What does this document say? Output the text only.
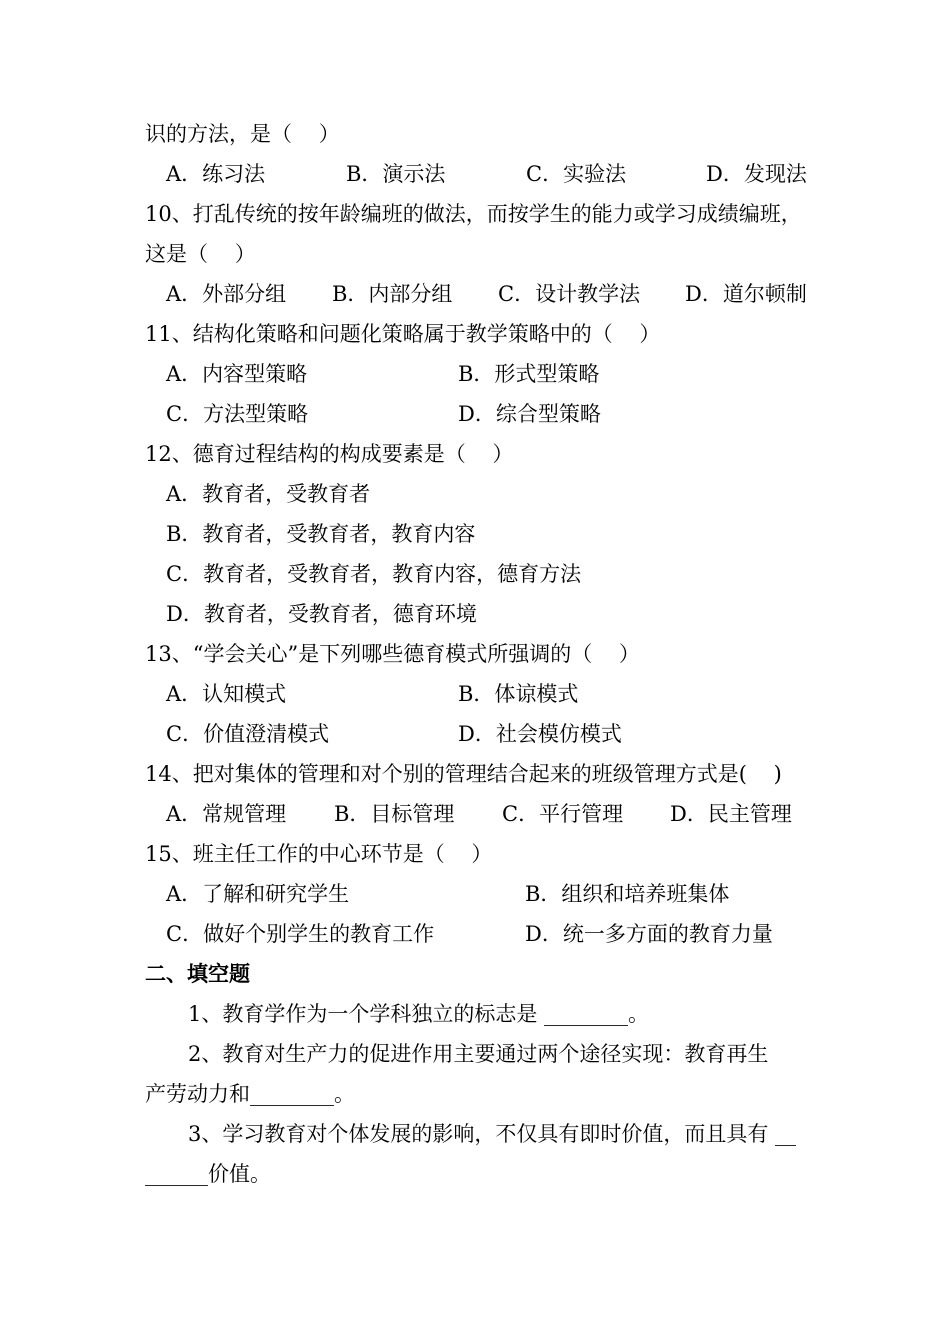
识的方法，是（    ）
A．练习法	B．演示法	C．实验法	D．发现法
10、打乱传统的按年龄编班的做法，而按学生的能力或学习成绩编班，
这是（    ）
A．外部分组 B．内部分组 C．设计教学法 D．道尔顿制
11、结构化策略和问题化策略属于教学策略中的（    ）
A．内容型策略	B．形式型策略
C．方法型策略	D．综合型策略
12、德育过程结构的构成要素是（    ）
A．教育者，受教育者
B．教育者，受教育者，教育内容
C．教育者，受教育者，教育内容，德育方法
D．教育者，受教育者，德育环境
13、“学会关心”是下列哪些德育模式所强调的（    ）
A．认知模式	B．体谅模式
C．价值澄清模式	D．社会模仿模式
14、把对集体的管理和对个别的管理结合起来的班级管理方式是(    )
A．常规管理 B．目标管理 C．平行管理 D．民主管理
15、班主任工作的中心环节是（    ）
A．了解和研究学生	B．组织和培养班集体
C．做好个别学生的教育工作	D．统一多方面的教育力量
二、填空题
1、教育学作为一个学科独立的标志是 ________。
2、教育对生产力的促进作用主要通过两个途径实现：教育再生
产劳动力和________。
3、学习教育对个体发展的影响，不仅具有即时价值，而且具有 __
______价值。
